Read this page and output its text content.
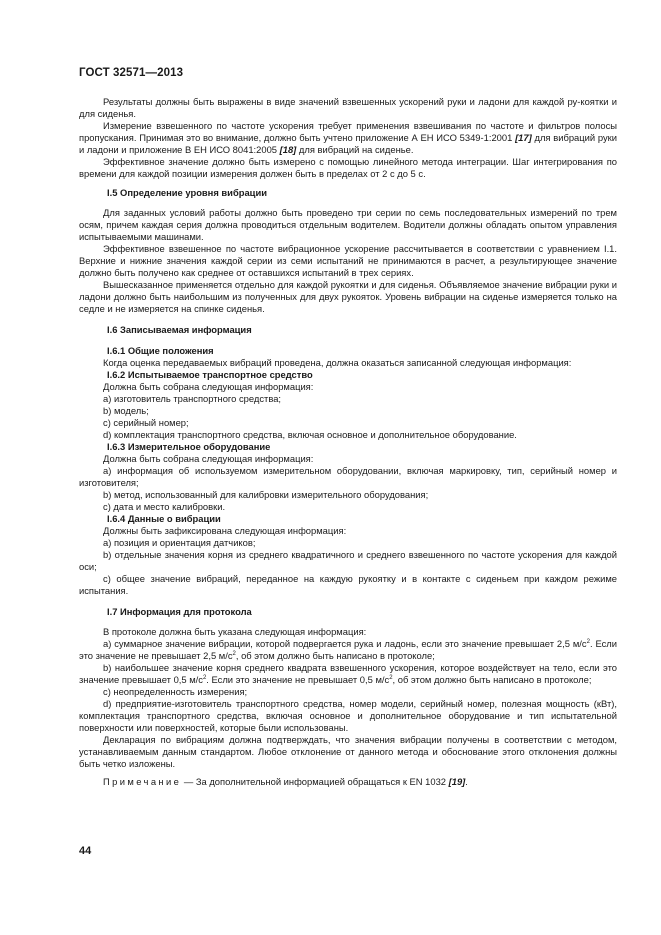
ГОСТ 32571—2013

Результаты должны быть выражены в виде значений взвешенных ускорений руки и ладони для каждой ру-коятки и для сиденья.

Измерение взвешенного по частоте ускорения требует применения взвешивания по частоте и фильтров полосы пропускания. Принимая это во внимание, должно быть учтено приложение А ЕН ИСО 5349-1:2001 [17] для вибраций руки и ладони и приложение В ЕН ИСО 8041:2005 [18] для вибраций на сиденье.

Эффективное значение должно быть измерено с помощью линейного метода интеграции. Шаг интегрирования по времени для каждой позиции измерения должен быть в пределах от 2 с до 5 с.

I.5 Определение уровня вибрации

Для заданных условий работы должно быть проведено три серии по семь последовательных измерений по трем осям, причем каждая серия должна проводиться отдельным водителем. Водители должны обладать опытом управления испытываемыми машинами.

Эффективное взвешенное по частоте вибрационное ускорение рассчитывается в соответствии с уравнением I.1. Верхние и нижние значения каждой серии из семи испытаний не принимаются в расчет, а результирующее значение должно быть получено как среднее от оставшихся испытаний в трех сериях.

Вышесказанное применяется отдельно для каждой рукоятки и для сиденья. Объявляемое значение вибрации руки и ладони должно быть наибольшим из полученных для двух рукояток. Уровень вибрации на сиденье измеряется только на седле и не измеряется на спинке сиденья.

I.6 Записываемая информация

I.6.1 Общие положения

Когда оценка передаваемых вибраций проведена, должна оказаться записанной следующая информация:

I.6.2 Испытываемое транспортное средство

Должна быть собрана следующая информация:

а) изготовитель транспортного средства;

b) модель;

с) серийный номер;

d) комплектация транспортного средства, включая основное и дополнительное оборудование.

I.6.3 Измерительное оборудование

Должна быть собрана следующая информация:

а) информация об используемом измерительном оборудовании, включая маркировку, тип, серийный номер и изготовителя;

b) метод, использованный для калибровки измерительного оборудования;

с) дата и место калибровки.

I.6.4 Данные о вибрации

Должны быть зафиксирована следующая информация:

а) позиция и ориентация датчиков;

b) отдельные значения корня из среднего квадратичного и среднего взвешенного по частоте ускорения для каждой оси;

с) общее значение вибраций, переданное на каждую рукоятку и в контакте с сиденьем при каждом режиме испытания.

I.7 Информация для протокола

В протоколе должна быть указана следующая информация:

а) суммарное значение вибрации, которой подвергается рука и ладонь, если это значение превышает 2,5 $м/с^2$. Если это значение не превышает 2,5 $м/с^2$, об этом должно быть написано в протоколе;

b) наибольшее значение корня среднего квадрата взвешенного ускорения, которое воздействует на тело, если это значение превышает 0,5 $м/с^2$. Если это значение не превышает 0,5 $м/с^2$, об этом должно быть написано в протоколе;

с) неопределенность измерения;

d) предприятие-изготовитель транспортного средства, номер модели, серийный номер, полезная мощность (кВт), комплектация транспортного средства, включая основное и дополнительное оборудование и тип испытательной поверхности или поверхностей, которые были использованы.

Декларация по вибрациям должна подтверждать, что значения вибрации получены в соответствии с методом, устанавливаемым данным стандартом. Любое отклонение от данного метода и обоснование этого отклонения должны быть четко изложены.

Примечание — За дополнительной информацией обращаться к EN 1032 [19].

44
